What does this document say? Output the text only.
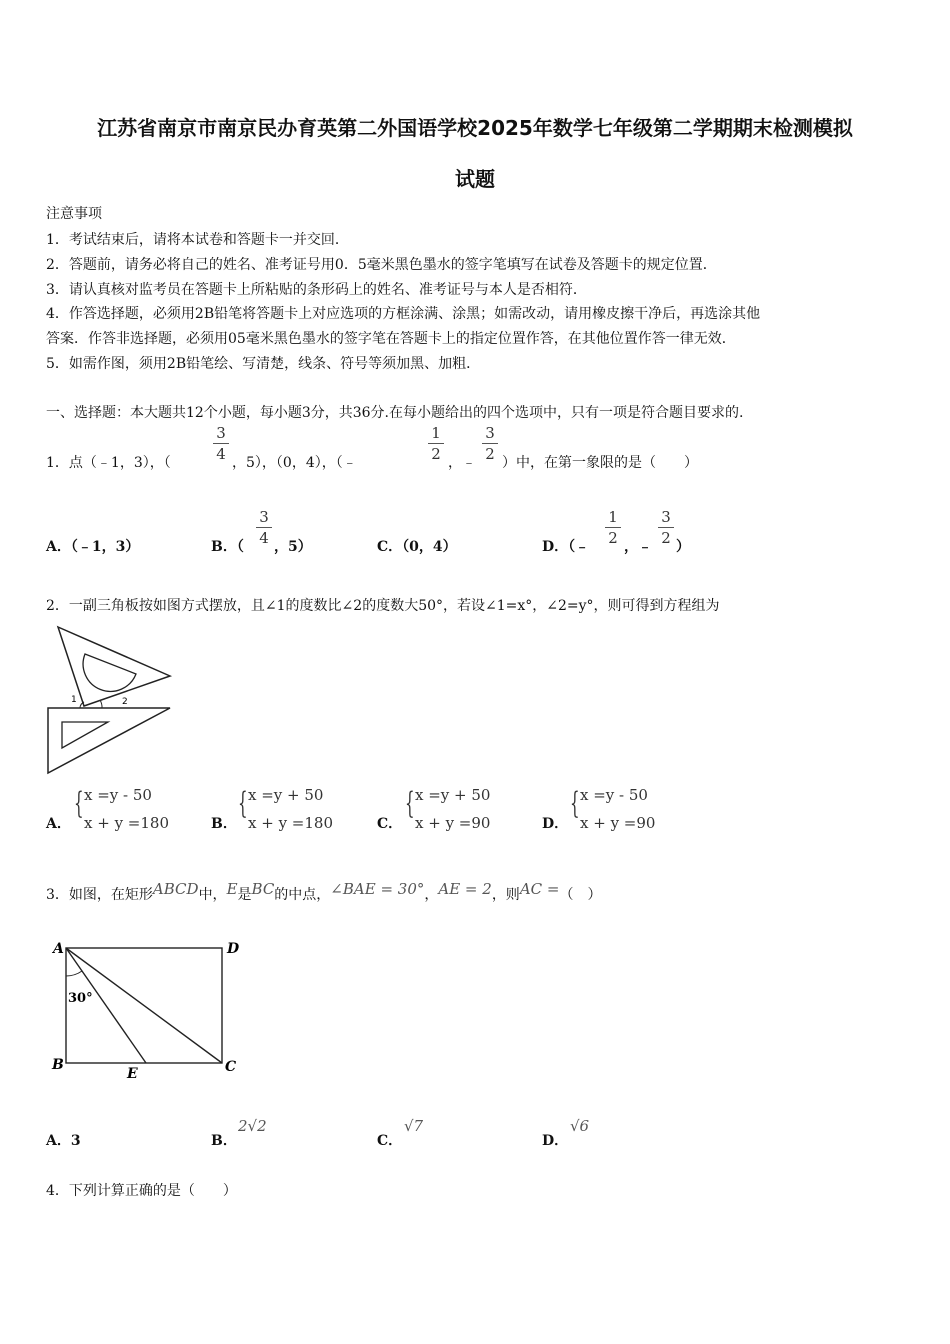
江苏省南京市南京民办育英第二外国语学校2025年数学七年级第二学期期末检测模拟
试题
注意事项
1．考试结束后，请将本试卷和答题卡一并交回．
2．答题前，请务必将自己的姓名、准考证号用0．5毫米黑色墨水的签字笔填写在试卷及答题卡的规定位置．
3．请认真核对监考员在答题卡上所粘贴的条形码上的姓名、准考证号与本人是否相符．
4．作答选择题，必须用2B铅笔将答题卡上对应选项的方框涂满、涂黑；如需改动，请用橡皮擦干净后，再选涂其他
答案．作答非选择题，必须用05毫米黑色墨水的签字笔在答题卡上的指定位置作答，在其他位置作答一律无效．
5．如需作图，须用2B铅笔绘、写清楚，线条、符号等须加黑、加粗．
一、选择题：本大题共12个小题，每小题3分，共36分.在每小题给出的四个选项中，只有一项是符合题目要求的.
1．点（﹣1，3），（
3
4 ，5），（0，4），（﹣
1
2 ，﹣
3
2 ）中，在第一象限的是（　　）
A．（﹣1，3）	B．（
3
4 ，5）	C．（0，4）	D．（﹣
1
2 ，﹣
3
2 ）
2．一副三角板按如图方式摆放，且∠1的度数比∠2的度数大50°，若设∠1=x°，∠2=y°，则可得到方程组为
1	2
A．
{ x =y - 50
x + y =180	B．
{ x =y + 50
x + y =180	C．
{ x =y + 50
x + y =90	D．
{ x =y - 50
x + y =90
3．如图，在矩形ABCD中，E是BC的中点，∠BAE = 30°，AE = 2，则AC =（　）
A	D
B	C
E
30°
A．3	B．
2√2
C．
√7
D．
√6
4．下列计算正确的是（　　）
